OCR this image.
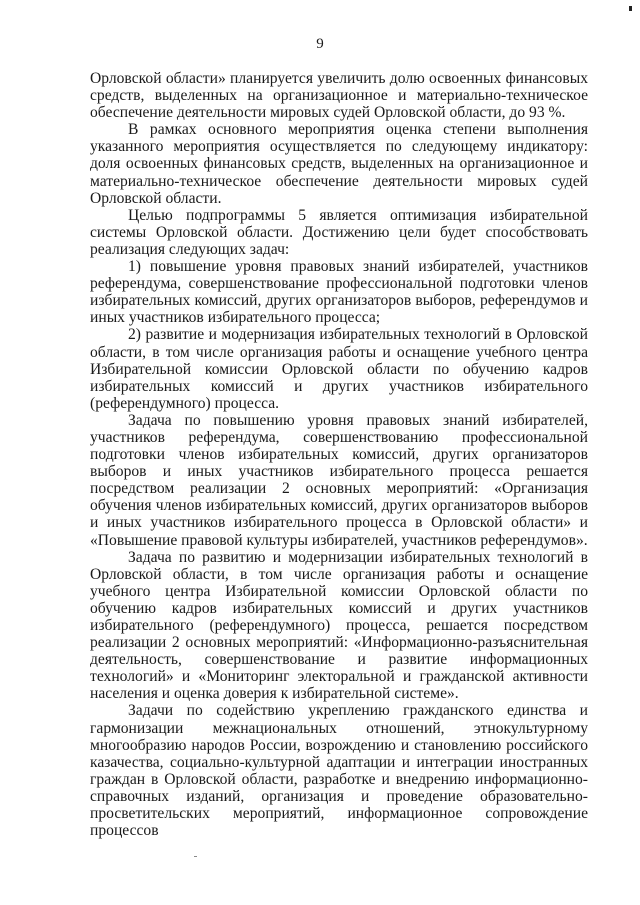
9

Орловской области» планируется увеличить долю освоенных финансовых средств, выделенных на организационное и материально-техническое обеспечение деятельности мировых судей Орловской области, до 93 %.

В рамках основного мероприятия оценка степени выполнения указанного мероприятия осуществляется по следующему индикатору: доля освоенных финансовых средств, выделенных на организационное и материально-техническое обеспечение деятельности мировых судей Орловской области.

Целью подпрограммы 5 является оптимизация избирательной системы Орловской области. Достижению цели будет способствовать реализация следующих задач:

1) повышение уровня правовых знаний избирателей, участников референдума, совершенствование профессиональной подготовки членов избирательных комиссий, других организаторов выборов, референдумов и иных участников избирательного процесса;

2) развитие и модернизация избирательных технологий в Орловской области, в том числе организация работы и оснащение учебного центра Избирательной комиссии Орловской области по обучению кадров избирательных комиссий и других участников избирательного (референдумного) процесса.

Задача по повышению уровня правовых знаний избирателей, участников референдума, совершенствованию профессиональной подготовки членов избирательных комиссий, других организаторов выборов и иных участников избирательного процесса решается посредством реализации 2 основных мероприятий: «Организация обучения членов избирательных комиссий, других организаторов выборов и иных участников избирательного процесса в Орловской области» и «Повышение правовой культуры избирателей, участников референдумов».

Задача по развитию и модернизации избирательных технологий в Орловской области, в том числе организация работы и оснащение учебного центра Избирательной комиссии Орловской области по обучению кадров избирательных комиссий и других участников избирательного (референдумного) процесса, решается посредством реализации 2 основных мероприятий: «Информационно-разъяснительная деятельность, совершенствование и развитие информационных технологий» и «Мониторинг электоральной и гражданской активности населения и оценка доверия к избирательной системе».

Задачи по содействию укреплению гражданского единства и гармонизации межнациональных отношений, этнокультурному многообразию народов России, возрождению и становлению российского казачества, социально-культурной адаптации и интеграции иностранных граждан в Орловской области, разработке и внедрению информационно-справочных изданий, организация и проведение образовательно-просветительских мероприятий, информационное сопровождение процессов
